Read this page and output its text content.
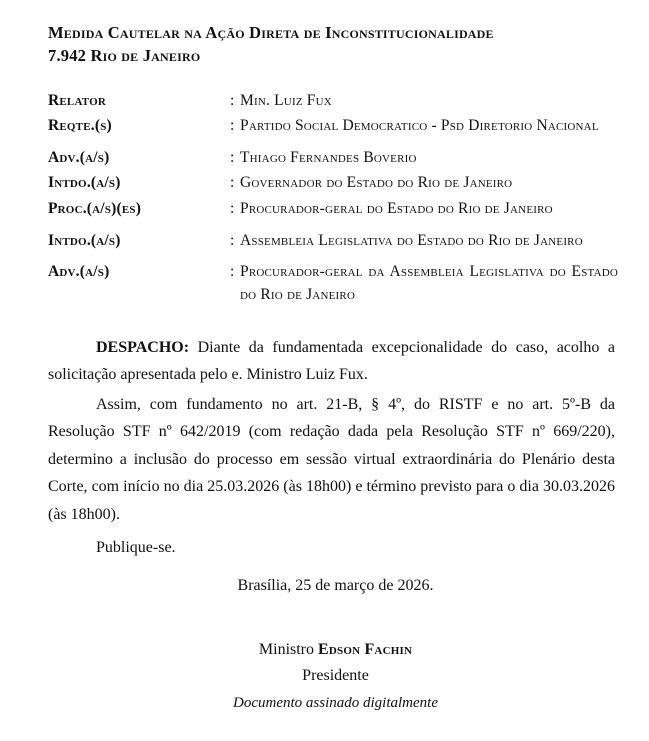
Medida Cautelar na Ação Direta de Inconstitucionalidade
7.942 Rio de Janeiro
Relator	:	Min. Luiz Fux
Reqte.(s)	:	Partido Social Democratico - Psd Diretorio Nacional
Adv.(a/s)	:	Thiago Fernandes Boverio
Intdo.(a/s)	:	Governador do Estado do Rio de Janeiro
Proc.(a/s)(es)	:	Procurador-geral do Estado do Rio de Janeiro
Intdo.(a/s)	:	Assembleia Legislativa do Estado do Rio de Janeiro
Adv.(a/s)	:	Procurador-geral da Assembleia Legislativa do Estado do Rio de Janeiro

DESPACHO: Diante da fundamentada excepcionalidade do caso, acolho a solicitação apresentada pelo e. Ministro Luiz Fux.

Assim, com fundamento no art. 21-B, § 4º, do RISTF e no art. 5º-B da Resolução STF nº 642/2019 (com redação dada pela Resolução STF nº 669/220), determino a inclusão do processo em sessão virtual extraordinária do Plenário desta Corte, com início no dia 25.03.2026 (às 18h00) e término previsto para o dia 30.03.2026 (às 18h00).

Publique-se.

Brasília, 25 de março de 2026.

Ministro Edson Fachin
Presidente
Documento assinado digitalmente
